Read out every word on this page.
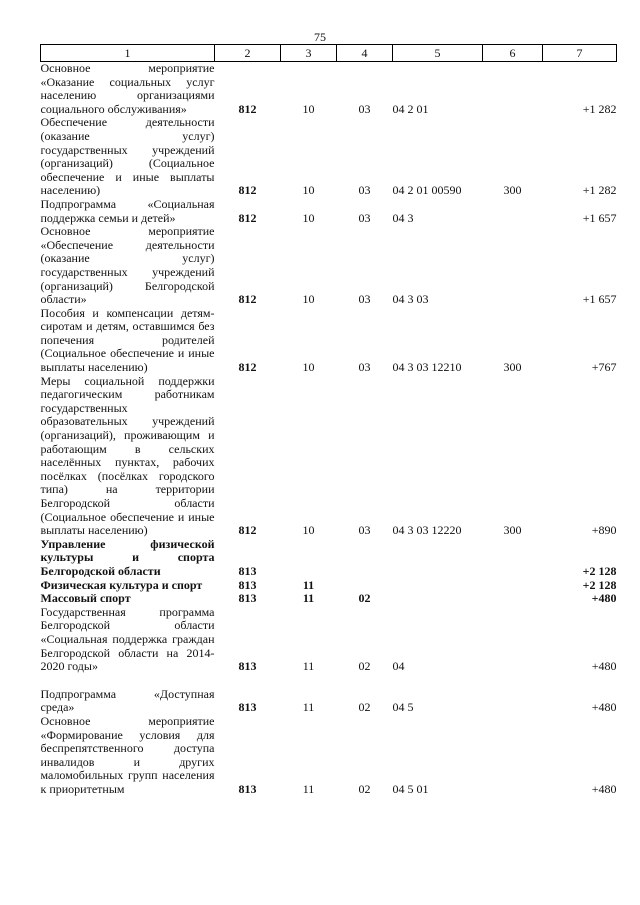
75
1	2	3	4	5	6	7
Основное мероприятие «Оказание социальных услуг населению организациями социального обслуживания»	812	10	03	04 2 01		+1 282
Обеспечение деятельности (оказание услуг) государственных учреждений (организаций) (Социальное обеспечение и иные выплаты населению)	812	10	03	04 2 01 00590	300	+1 282
Подпрограмма «Социальная поддержка семьи и детей»	812	10	03	04 3		+1 657
Основное мероприятие «Обеспечение деятельности (оказание услуг) государственных учреждений (организаций) Белгородской области»	812	10	03	04 3 03		+1 657
Пособия и компенсации детям-сиротам и детям, оставшимся без попечения родителей (Социальное обеспечение и иные выплаты населению)	812	10	03	04 3 03 12210	300	+767
Меры социальной поддержки педагогическим работникам государственных образовательных учреждений (организаций), проживающим и работающим в сельских населённых пунктах, рабочих посёлках (посёлках городского типа) на территории Белгородской области (Социальное обеспечение и иные выплаты населению)	812	10	03	04 3 03 12220	300	+890
Управление физической культуры и спорта Белгородской области	813					+2 128
Физическая культура и спорт	813	11				+2 128
Массовый спорт	813	11	02			+480
Государственная программа Белгородской области «Социальная поддержка граждан Белгородской области на 2014-2020 годы»	813	11	02	04		+480

Подпрограмма «Доступная среда»	813	11	02	04 5		+480
Основное мероприятие «Формирование условия для беспрепятственного доступа инвалидов и других маломобильных групп населения к приоритетным	813	11	02	04 5 01		+480
